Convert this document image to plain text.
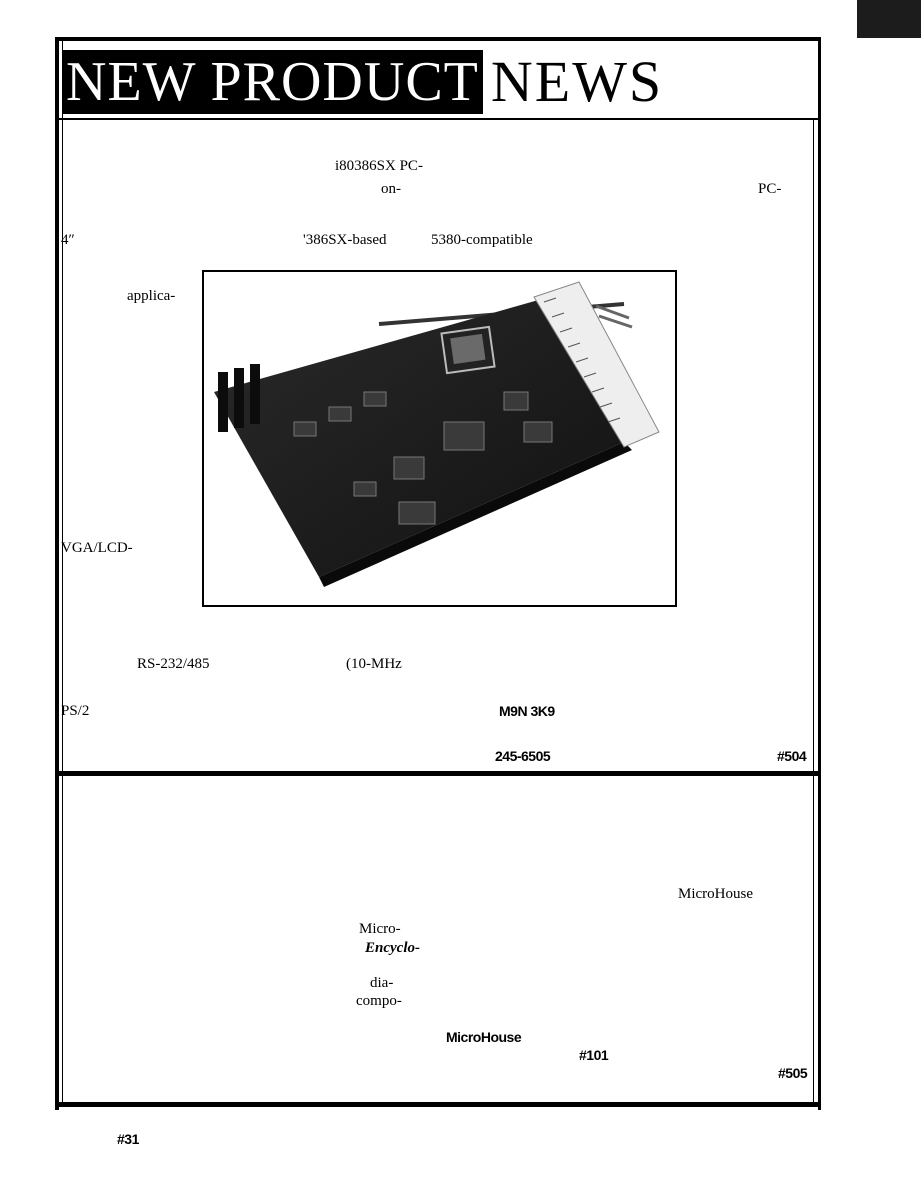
NEW PRODUCT NEWS
i80386SX PC-
on-	PC-
4″	'386SX-based	5380-compatible
applica-
VGA/LCD-
RS-232/485	(10-MHz
PS/2	M9N 3K9
245-6505	#504
MicroHouse
Micro-
Encyclo-
dia-
compo-
MicroHouse
#101
#505
#31
